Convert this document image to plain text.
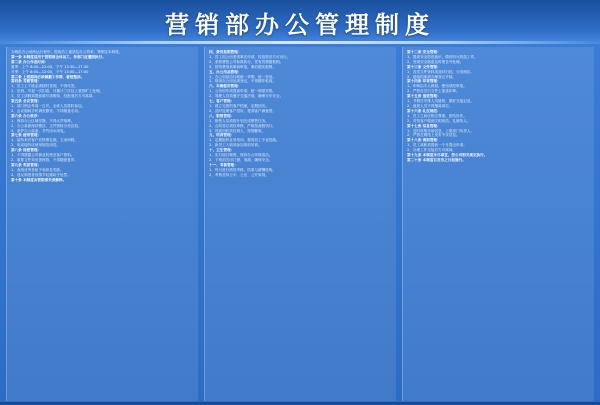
营销部办公管理制度
为规范办公场所运行程序，提高员工素质及办公效率，特制定本制度。
第一条 本制度适用于营销部全体员工，各部门应遵照执行。
第二条 办公作息时间：
夏季：上午 8:00—12:00，下午 13:30—17:30
冬季：上午 8:00—12:00，下午 13:00—17:00
第三条 上班期间必须佩戴工作牌，着装整洁。
第四条 考勤管理：
1、员工上下班必须按时签到，不得代签。
2、迟到、早退一次扣款，月累计三次以上者按旷工处理。
3、员工请假须提前填写请假单，经批准后方可离岗。
第五条 会议管理：
1、部门例会每周一召开，全体人员准时参加。
2、会议期间手机调至静音，不得随意走动。
第六条 办公秩序：
1、保持办公区域安静，不得大声喧哗。
2、办公桌面保持整洁，文件资料分类存放。
3、爱护办公设备，节约用水用电。
第七条 接待管理：
1、接待来访客户应热情礼貌，主动问候。
2、电话接听应使用规范用语。
第八条 保密管理：
1、不得泄露公司商业机密及客户资料。
2、重要文件须妥善保管，不得随意复印。
第九条 奖惩管理：
1、表现优秀者给予表彰及奖励。
2、违反制度者视情节轻重给予处罚。
第十条 本制度由营销部负责解释。
四、费用报销管理：
1、员工因公出差须事先申请，经批准后方可出行。
2、差旅费按公司标准执行，凭有效票据报销。
3、招待费用须事前审批，事后据实报销。
五、办公用品管理：
1、办公用品由行政统一采购、统一发放。
2、领用办公用品须登记，不得挪作私用。
六、车辆使用管理：
1、公务用车须提前申请，统一调度安排。
2、驾驶人员须遵守交通法规，确保行车安全。
七、客户管理：
1、建立完善的客户档案，定期回访。
2、及时处理客户投诉，提高客户满意度。
八、销售管理：
1、销售人员须按计划完成销售任务。
2、合同签订须经审核，严格按流程执行。
3、货款回收责任到人，按期催收。
九、培训管理：
1、定期组织业务培训，提高员工专业技能。
2、新员工入职须参加岗前培训。
十、卫生管理：
1、实行值日制度，保持办公环境清洁。
2、下班前关闭门窗、电源，确保安全。
十一、考核管理：
1、每月进行绩效考核，结果与薪酬挂钩。
2、考核坚持公平、公正、公开原则。
第十二条 安全管理：
1、提高安全防范意识，做好防火防盗工作。
2、发现安全隐患及时报告并处理。
第十三条 文件管理：
1、各类文件资料须及时归档，分类保存。
2、借阅档案须办理登记手续。
第十四条 印章管理：
1、印章由专人保管，使用须经审批。
2、严禁在空白文件上加盖印章。
第十五条 值班管理：
1、节假日安排人员值班，做好交接记录。
2、值班人员不得擅离岗位。
第十六条 礼仪规范：
1、员工之间应相互尊重，团结协作。
2、对待客户做到文明用语，礼貌待人。
第十七条 信息管理：
1、及时收集市场信息，上报部门负责人。
2、严禁在网络上发布不实信息。
第十八条 离职管理：
1、员工离职须提前一个月提出申请。
2、办理工作交接后方可离岗。
第十九条 本制度未尽事宜，按公司相关规定执行。
第二十条 本制度自发布之日起施行。
